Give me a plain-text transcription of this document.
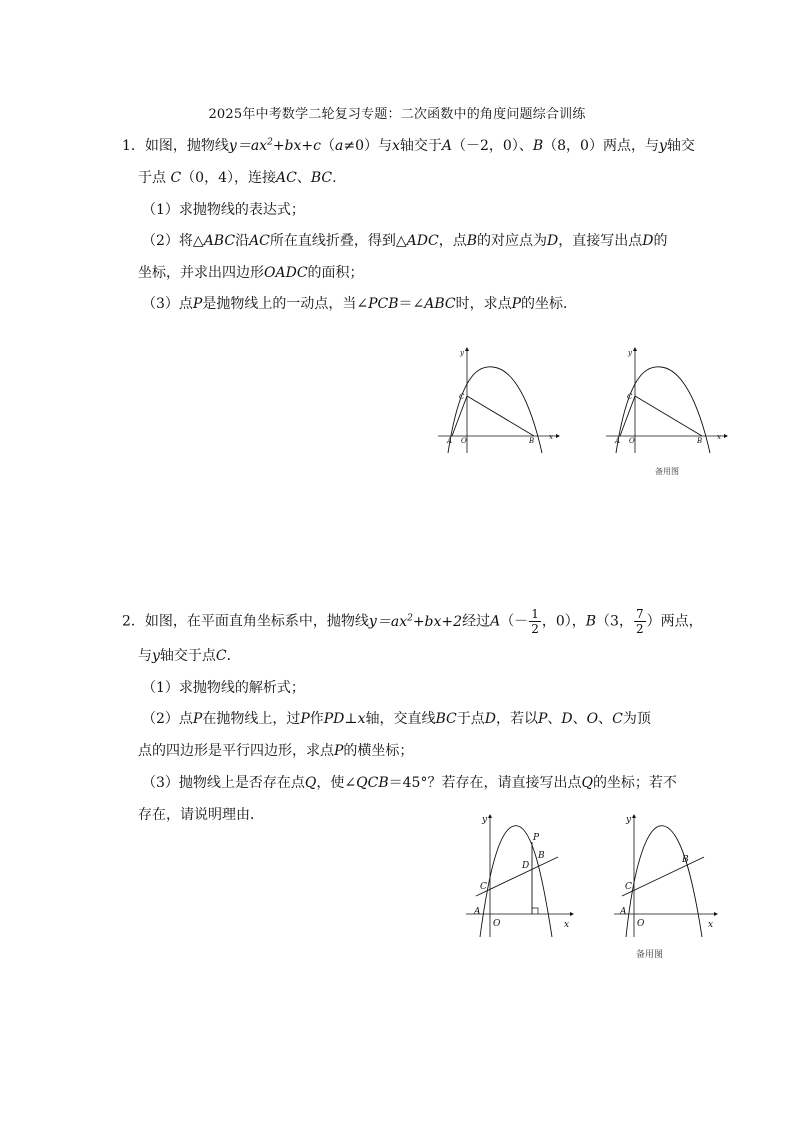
2025年中考数学二轮复习专题：二次函数中的角度问题综合训练
1．如图，抛物线$y=ax^2+bx+c(a\ne 0)$与x轴交于A（－2，0）、B（8，0）两点，与y轴交
于点 C（0，4），连接AC、BC.
（1）求抛物线的表达式；
（2）将△ABC沿AC所在直线折叠，得到△ADC，点B的对应点为D，直接写出点D的
坐标，并求出四边形OADC的面积；
（3）点P是抛物线上的一动点，当∠PCB＝∠ABC时，求点P的坐标．
y
x
C
A O	B
y
x
C
A O	B
备用图
2．如图，在平面直角坐标系中，抛物线$y=ax^2+bx+2$经过$A(- \frac{1}{2}$ ，0），B（3， $\frac{7}{2}$ ）两点，
与y轴交于点C．
（1）求抛物线的解析式；
（2）点P在抛物线上，过P作PD⊥x轴，交直线BC于点D，若以P、D、O、C为顶
点的四边形是平行四边形，求点P的横坐标；
（3）抛物线上是否存在点Q，使∠QCB＝45°？若存在，请直接写出点Q的坐标；若不
存在，请说明理由．	y
x
C
A
O
P
D
B
y
x
C
A
O
B
备用图
